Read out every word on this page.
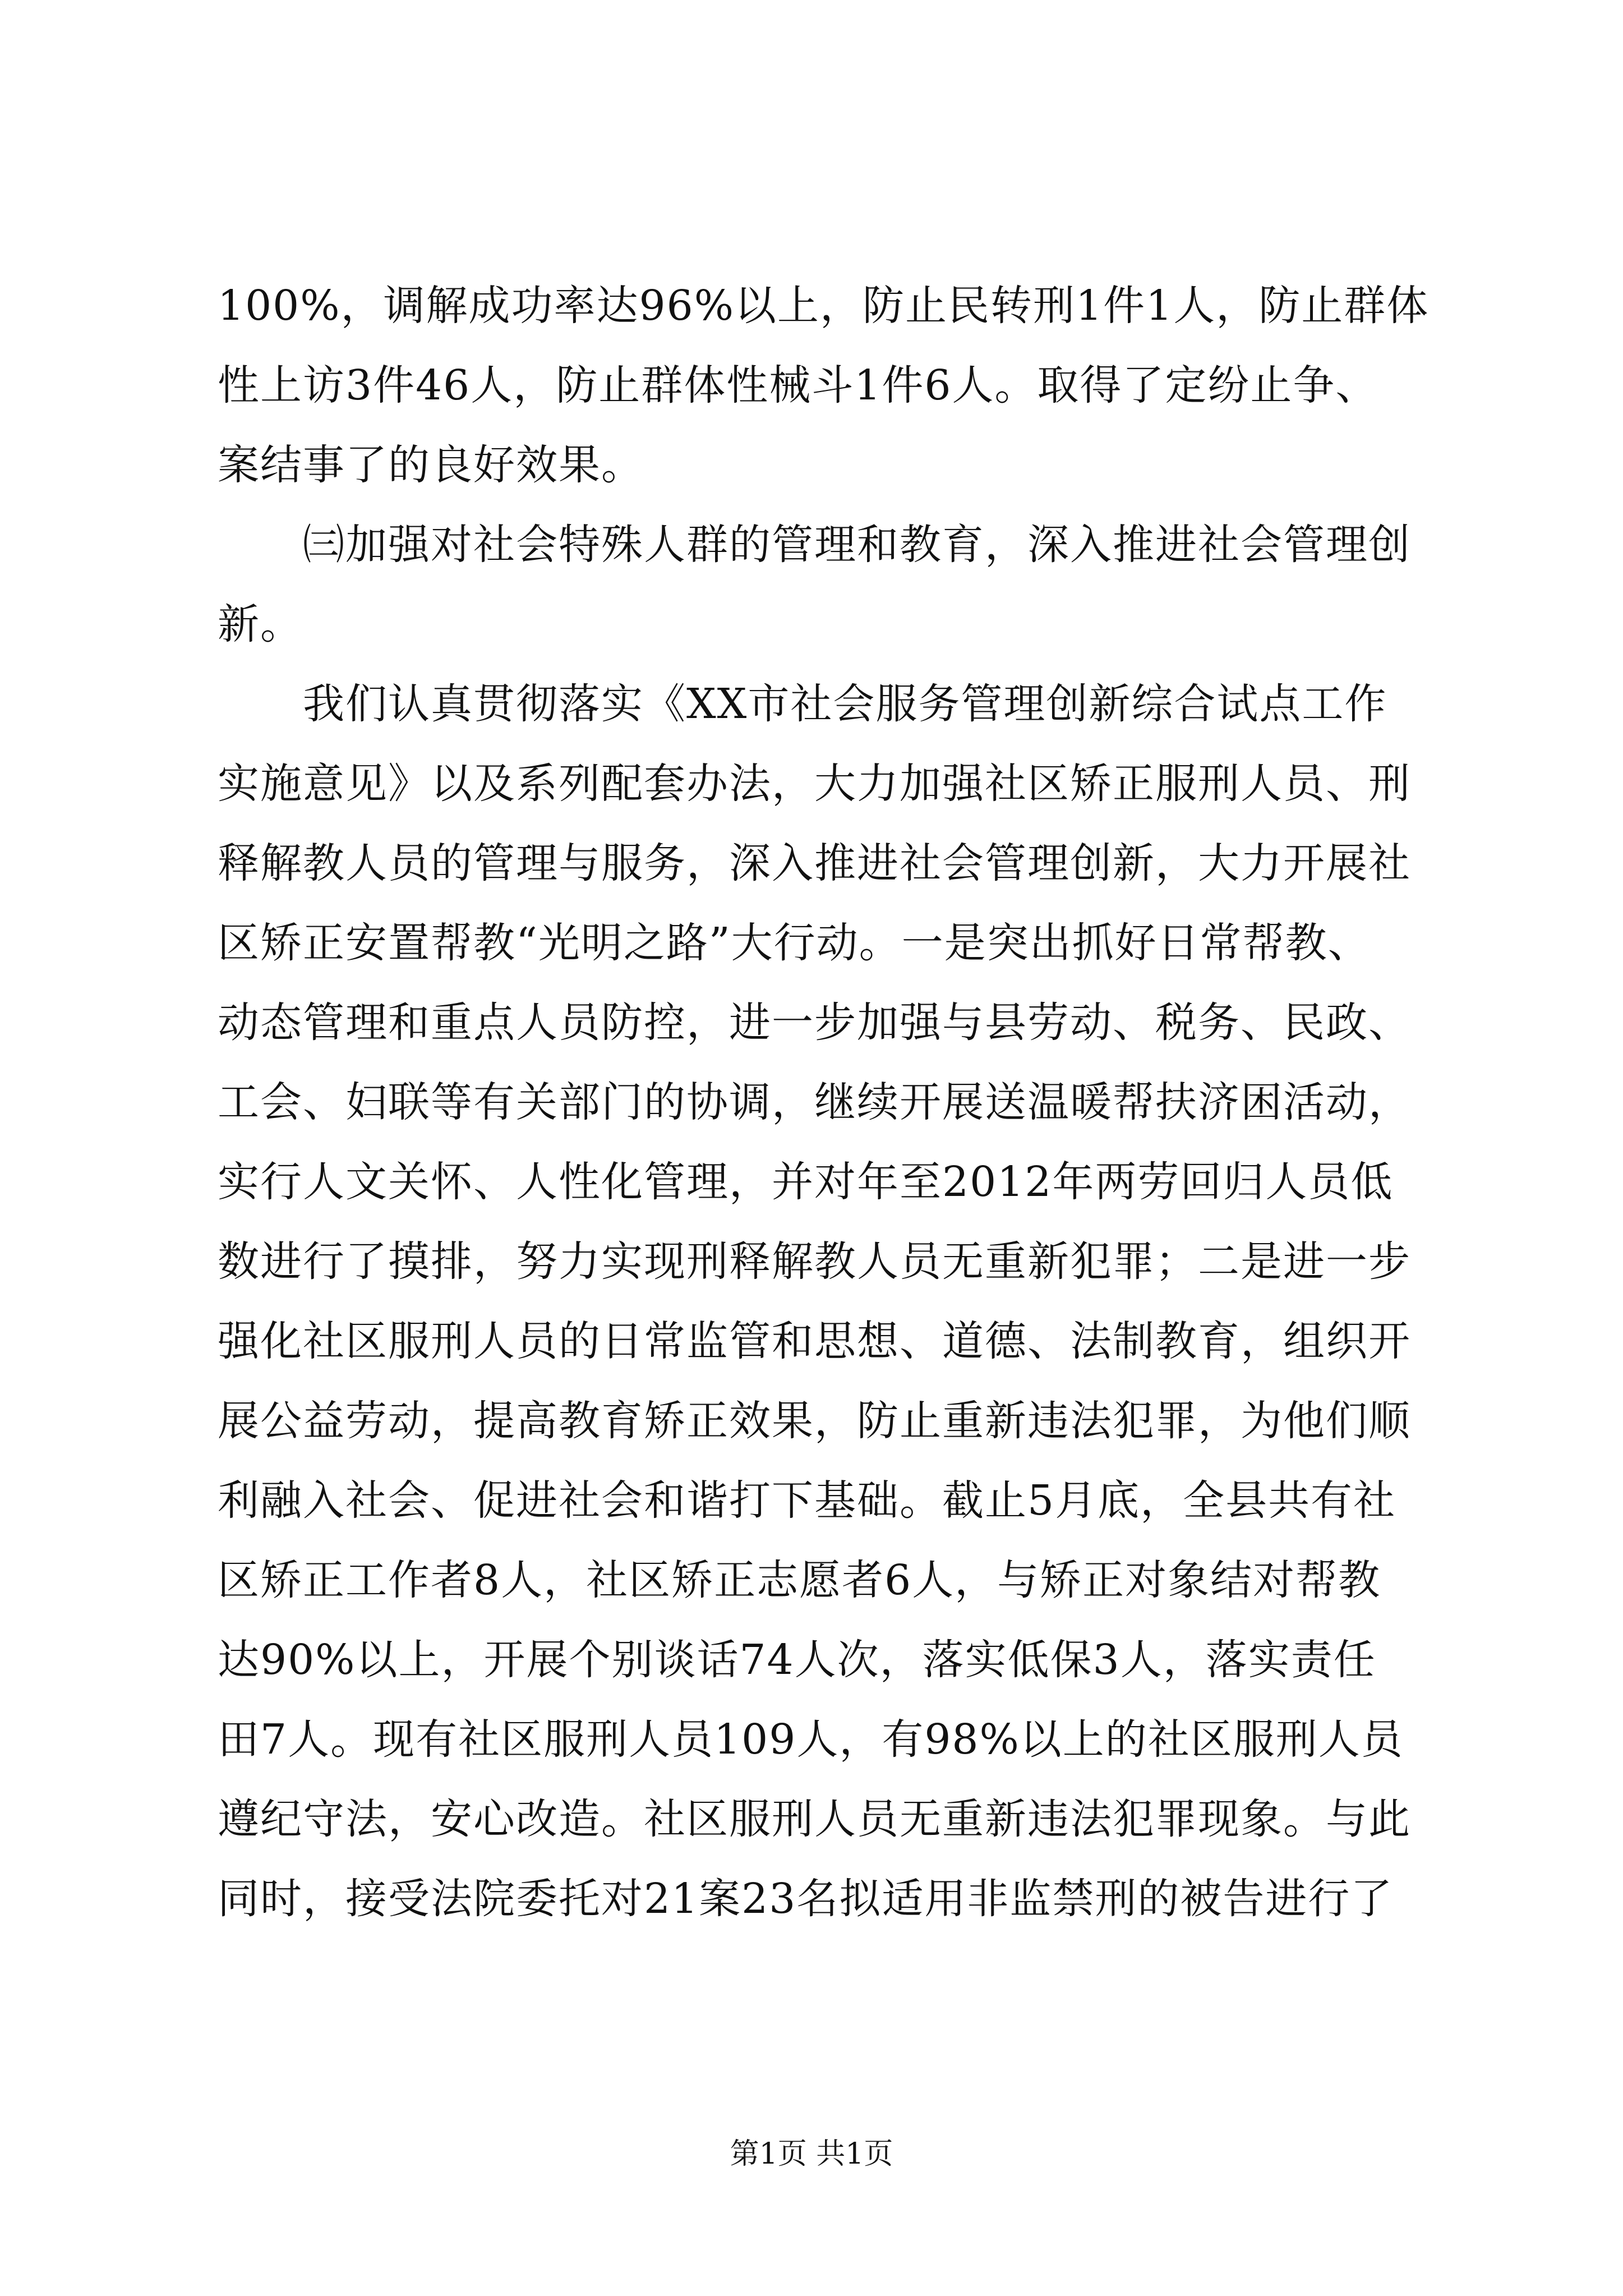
100%，调解成功率达96%以上，防止民转刑1件1人，防止群体
性上访3件46人，防止群体性械斗1件6人。取得了定纷止争、
案结事了的良好效果。
　　㈢加强对社会特殊人群的管理和教育，深入推进社会管理创
新。
　　我们认真贯彻落实《XX市社会服务管理创新综合试点工作
实施意见》以及系列配套办法，大力加强社区矫正服刑人员、刑
释解教人员的管理与服务，深入推进社会管理创新，大力开展社
区矫正安置帮教“光明之路”大行动。一是突出抓好日常帮教、
动态管理和重点人员防控，进一步加强与县劳动、税务、民政、
工会、妇联等有关部门的协调，继续开展送温暖帮扶济困活动，
实行人文关怀、人性化管理，并对年至2012年两劳回归人员低
数进行了摸排，努力实现刑释解教人员无重新犯罪；二是进一步
强化社区服刑人员的日常监管和思想、道德、法制教育，组织开
展公益劳动，提高教育矫正效果，防止重新违法犯罪，为他们顺
利融入社会、促进社会和谐打下基础。截止5月底，全县共有社
区矫正工作者8人，社区矫正志愿者6人，与矫正对象结对帮教
达90%以上，开展个别谈话74人次，落实低保3人，落实责任
田7人。现有社区服刑人员109人，有98%以上的社区服刑人员
遵纪守法，安心改造。社区服刑人员无重新违法犯罪现象。与此
同时，接受法院委托对21案23名拟适用非监禁刑的被告进行了
第1页 共1页
